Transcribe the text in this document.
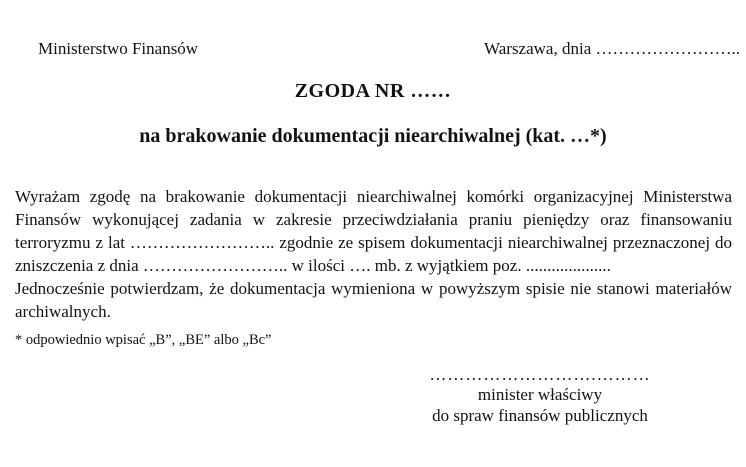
Ministerstwo Finansów	Warszawa, dnia ……………………..
ZGODA NR ……
na brakowanie dokumentacji niearchiwalnej (kat. …*)
Wyrażam zgodę na brakowanie dokumentacji niearchiwalnej komórki organizacyjnej Ministerstwa
Finansów wykonującej zadania w zakresie przeciwdziałania praniu pieniędzy oraz finansowaniu
terroryzmu z lat …………………….. zgodnie ze spisem dokumentacji niearchiwalnej przeznaczonej do
zniszczenia z dnia …………………….. w ilości …. mb. z wyjątkiem poz. ....................
Jednocześnie potwierdzam, że dokumentacja wymieniona w powyższym spisie nie stanowi materiałów
archiwalnych.
* odpowiednio wpisać „B”, „BE” albo „Bc”
……………………….………
minister właściwy
do spraw finansów publicznych
